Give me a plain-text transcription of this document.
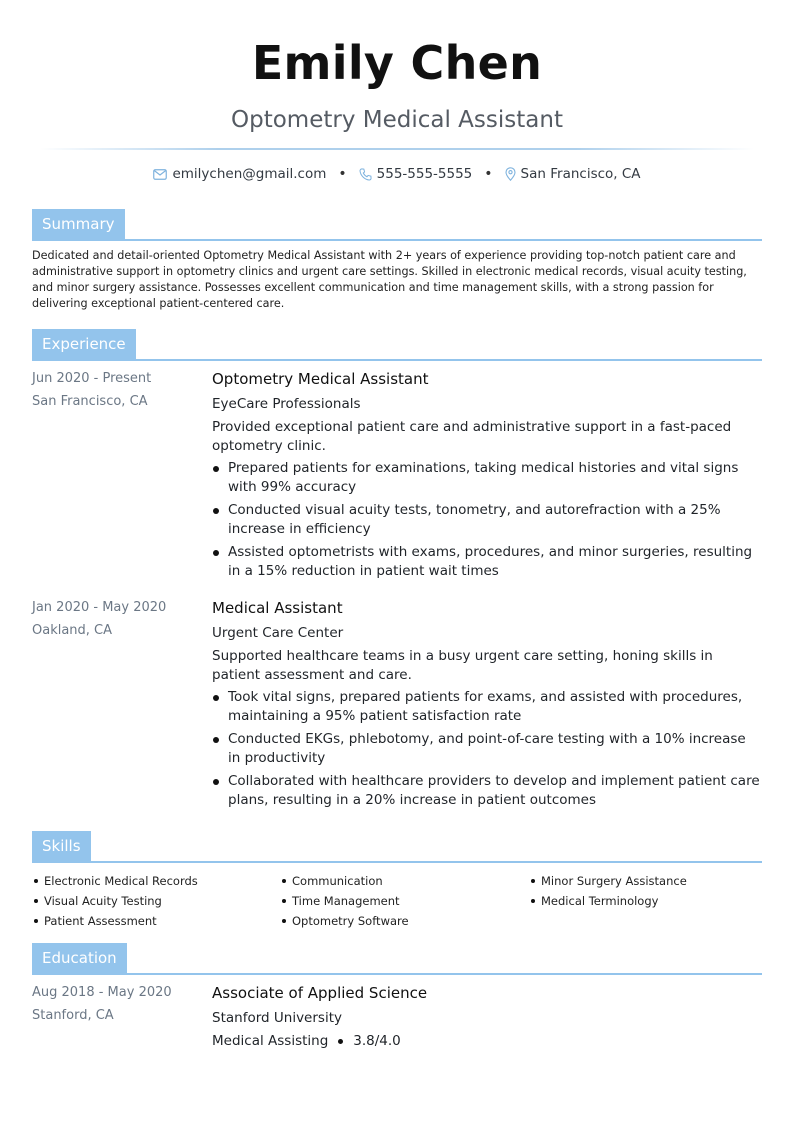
Emily Chen
Optometry Medical Assistant
emilychen@gmail.com • 555-555-5555 • San Francisco, CA
Summary
Dedicated and detail-oriented Optometry Medical Assistant with 2+ years of experience providing top-notch patient care and administrative support in optometry clinics and urgent care settings. Skilled in electronic medical records, visual acuity testing, and minor surgery assistance. Possesses excellent communication and time management skills, with a strong passion for delivering exceptional patient-centered care.
Experience
Jun 2020 - Present
San Francisco, CA
Optometry Medical Assistant
EyeCare Professionals
Provided exceptional patient care and administrative support in a fast-paced optometry clinic.
Prepared patients for examinations, taking medical histories and vital signs with 99% accuracy
Conducted visual acuity tests, tonometry, and autorefraction with a 25% increase in efficiency
Assisted optometrists with exams, procedures, and minor surgeries, resulting in a 15% reduction in patient wait times
Jan 2020 - May 2020
Oakland, CA
Medical Assistant
Urgent Care Center
Supported healthcare teams in a busy urgent care setting, honing skills in patient assessment and care.
Took vital signs, prepared patients for exams, and assisted with procedures, maintaining a 95% patient satisfaction rate
Conducted EKGs, phlebotomy, and point-of-care testing with a 10% increase in productivity
Collaborated with healthcare providers to develop and implement patient care plans, resulting in a 20% increase in patient outcomes
Skills
Electronic Medical Records
Visual Acuity Testing
Patient Assessment
Communication
Time Management
Optometry Software
Minor Surgery Assistance
Medical Terminology
Education
Aug 2018 - May 2020
Stanford, CA
Associate of Applied Science
Stanford University
Medical Assisting 3.8/4.0
